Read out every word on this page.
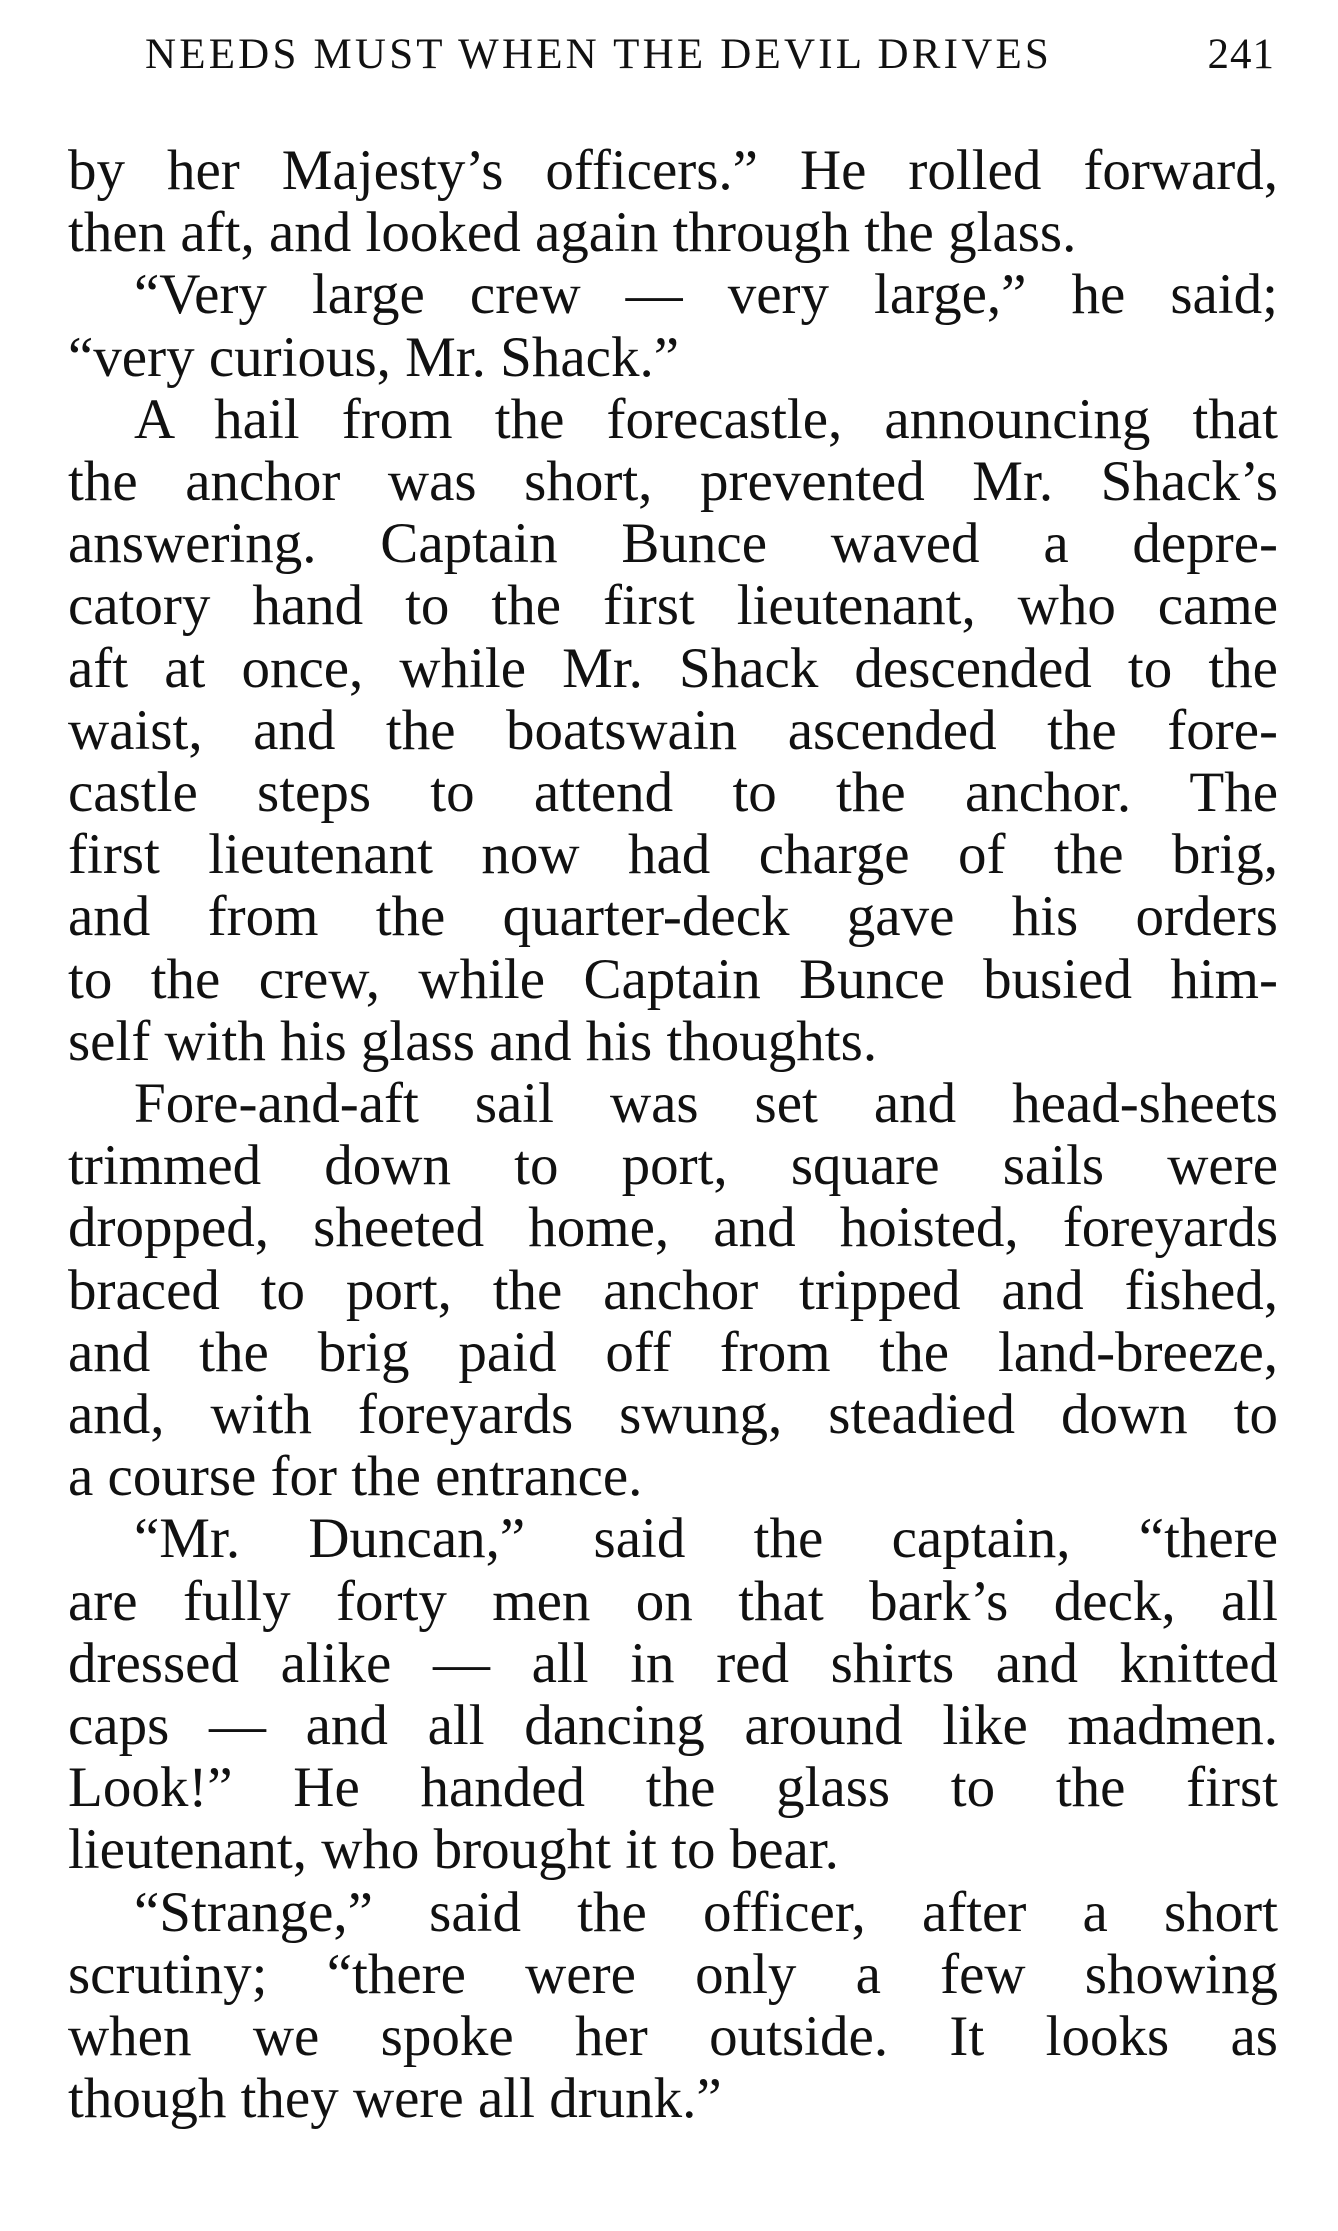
NEEDS MUST WHEN THE DEVIL DRIVES	241
by her Majesty’s officers.” He rolled forward,
then aft, and looked again through the glass.
“Very large crew — very large,” he said;
“very curious, Mr. Shack.”
A hail from the forecastle, announcing that
the anchor was short, prevented Mr. Shack’s
answering. Captain Bunce waved a depre-
catory hand to the first lieutenant, who came
aft at once, while Mr. Shack descended to the
waist, and the boatswain ascended the fore-
castle steps to attend to the anchor. The
first lieutenant now had charge of the brig,
and from the quarter-deck gave his orders
to the crew, while Captain Bunce busied him-
self with his glass and his thoughts.
Fore-and-aft sail was set and head-sheets
trimmed down to port, square sails were
dropped, sheeted home, and hoisted, foreyards
braced to port, the anchor tripped and fished,
and the brig paid off from the land-breeze,
and, with foreyards swung, steadied down to
a course for the entrance.
“Mr. Duncan,” said the captain, “there
are fully forty men on that bark’s deck, all
dressed alike — all in red shirts and knitted
caps — and all dancing around like madmen.
Look!” He handed the glass to the first
lieutenant, who brought it to bear.
“Strange,” said the officer, after a short
scrutiny; “there were only a few showing
when we spoke her outside. It looks as
though they were all drunk.”
